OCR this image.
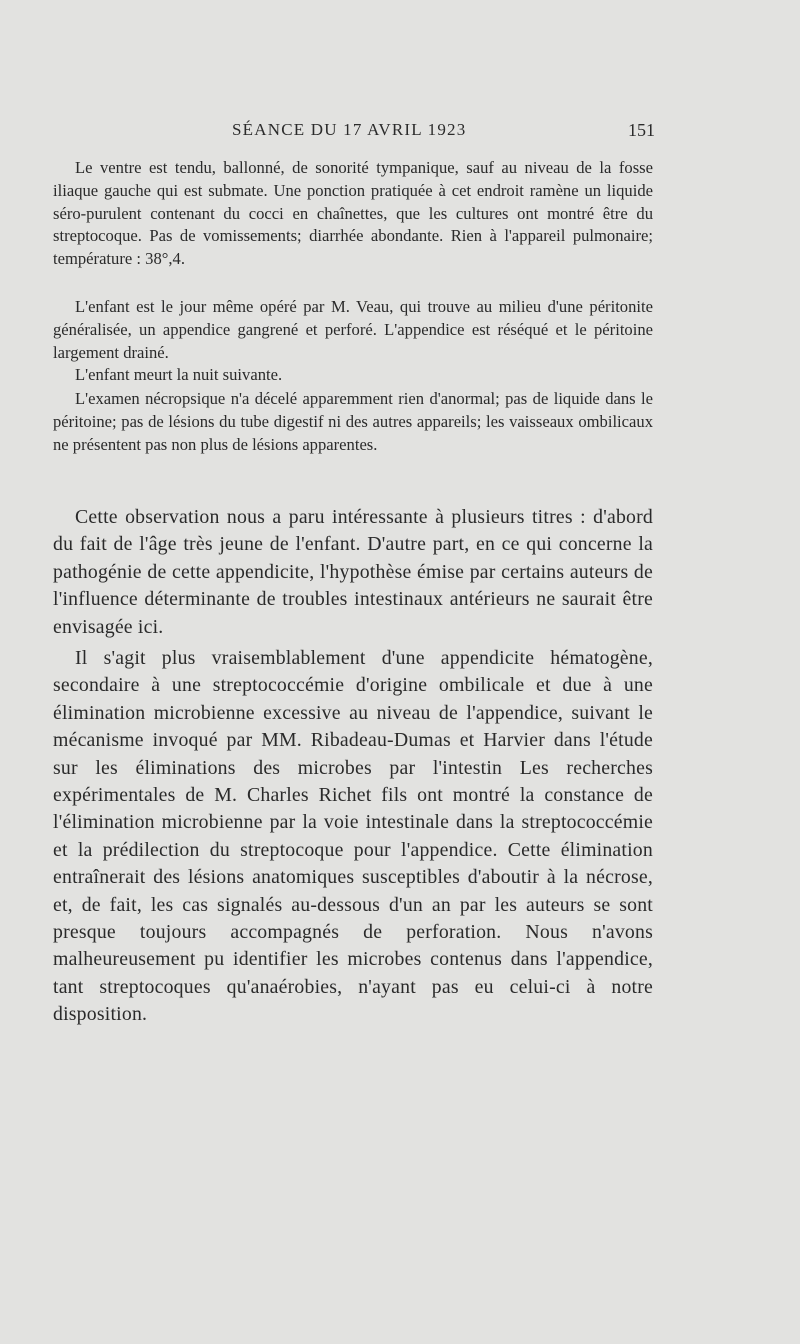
SÉANCE DU 17 AVRIL 1923	151

Le ventre est tendu, ballonné, de sonorité tympanique, sauf au niveau de la fosse iliaque gauche qui est submate. Une ponction pratiquée à cet endroit ramène un liquide séro-purulent contenant du cocci en chaînettes, que les cultures ont montré être du streptocoque. Pas de vomissements; diarrhée abondante. Rien à l'appareil pulmonaire; température : 38°,4.

L'enfant est le jour même opéré par M. Veau, qui trouve au milieu d'une péritonite généralisée, un appendice gangrené et perforé. L'appendice est réséqué et le péritoine largement drainé.

L'enfant meurt la nuit suivante.

L'examen nécropsique n'a décelé apparemment rien d'anormal; pas de liquide dans le péritoine; pas de lésions du tube digestif ni des autres appareils; les vaisseaux ombilicaux ne présentent pas non plus de lésions apparentes.

Cette observation nous a paru intéressante à plusieurs titres : d'abord du fait de l'âge très jeune de l'enfant. D'autre part, en ce qui concerne la pathogénie de cette appendicite, l'hypothèse émise par certains auteurs de l'influence déterminante de troubles intestinaux antérieurs ne saurait être envisagée ici.

Il s'agit plus vraisemblablement d'une appendicite hématogène, secondaire à une streptococcémie d'origine ombilicale et due à une élimination microbienne excessive au niveau de l'appendice, suivant le mécanisme invoqué par MM. Ribadeau-Dumas et Harvier dans l'étude sur les éliminations des microbes par l'intestin Les recherches expérimentales de M. Charles Richet fils ont montré la constance de l'élimination microbienne par la voie intestinale dans la streptococcémie et la prédilection du streptocoque pour l'appendice. Cette élimination entraînerait des lésions anatomiques susceptibles d'aboutir à la nécrose, et, de fait, les cas signalés au-dessous d'un an par les auteurs se sont presque toujours accompagnés de perforation. Nous n'avons malheureusement pu identifier les microbes contenus dans l'appendice, tant streptocoques qu'anaérobies, n'ayant pas eu celui-ci à notre disposition.
